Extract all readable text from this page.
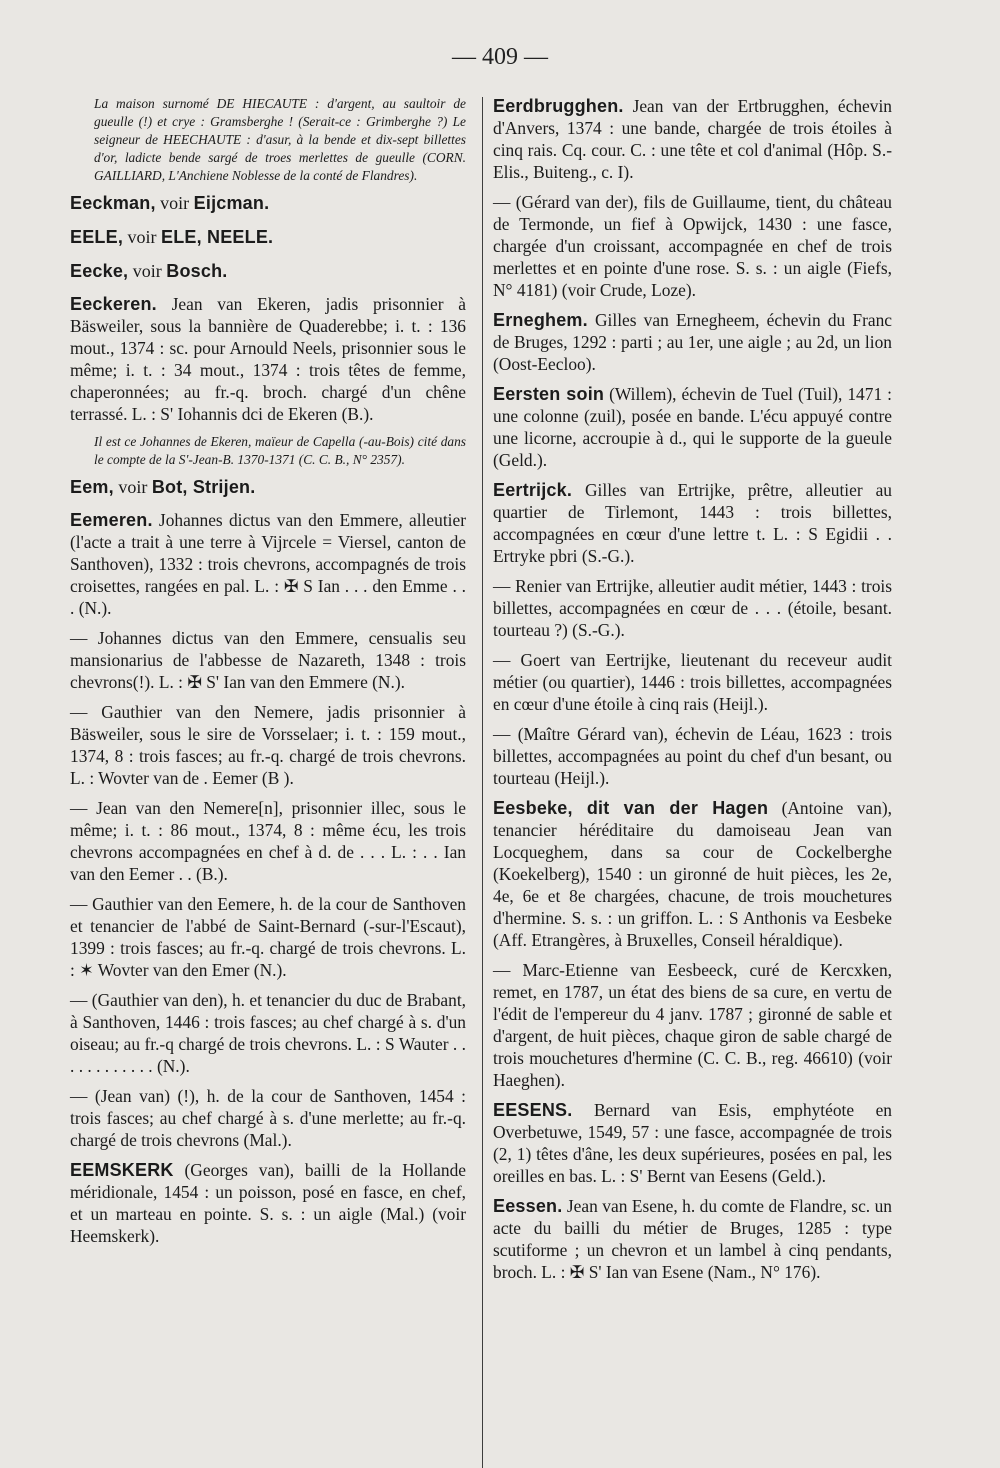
— 409 —

La maison surnomé DE HIECAUTE : d'argent, au saultoir de gueulle (!) et crye : Gramsberghe ! (Serait-ce : Grimberghe ?) Le seigneur de HEECHAUTE : d'asur, à la bende et dix-sept billettes d'or, ladicte bende sargé de troes merlettes de gueulle (CORN. GAILLIARD, L'Anchiene Noblesse de la conté de Flandres).

Eeckman, voir Eijcman.

EELE, voir ELE, NEELE.

Eecke, voir Bosch.

Eeckeren. Jean van Ekeren, jadis prisonnier à Bäsweiler, sous la bannière de Quaderebbe; i. t. : 136 mout., 1374 : sc. pour Arnould Neels, prisonnier sous le même; i. t. : 34 mout., 1374 : trois têtes de femme, chaperonnées; au fr.-q. broch. chargé d'un chêne terrassé. L. : S' Iohannis dci de Ekeren (B.).

Il est ce Johannes de Ekeren, maïeur de Capella (-au-Bois) cité dans le compte de la S'-Jean-B. 1370-1371 (C. C. B., N° 2357).

Eem, voir Bot, Strijen.

Eemeren. Johannes dictus van den Emmere, alleutier (l'acte a trait à une terre à Vijrcele = Viersel, canton de Santhoven), 1332 : trois chevrons, accompagnés de trois croisettes, rangées en pal. L. : ✠ S Ian . . . den Emme . . . (N.).

— Johannes dictus van den Emmere, censualis seu mansionarius de l'abbesse de Nazareth, 1348 : trois chevrons(!). L. : ✠ S' Ian van den Emmere (N.).

— Gauthier van den Nemere, jadis prisonnier à Bäsweiler, sous le sire de Vorsselaer; i. t. : 159 mout., 1374, 8 : trois fasces; au fr.-q. chargé de trois chevrons. L. : Wovter van de . Eemer (B ).

— Jean van den Nemere[n], prisonnier illec, sous le même; i. t. : 86 mout., 1374, 8 : même écu, les trois chevrons accompagnées en chef à d. de . . . L. : . . Ian van den Eemer . . (B.).

— Gauthier van den Eemere, h. de la cour de Santhoven et tenancier de l'abbé de Saint-Bernard (-sur-l'Escaut), 1399 : trois fasces; au fr.-q. chargé de trois chevrons. L. : ✶ Wovter van den Emer (N.).

— (Gauthier van den), h. et tenancier du duc de Brabant, à Santhoven, 1446 : trois fasces; au chef chargé à s. d'un oiseau; au fr.-q chargé de trois chevrons. L. : S Wauter . . . . . . . . . . . . (N.).

— (Jean van) (!), h. de la cour de Santhoven, 1454 : trois fasces; au chef chargé à s. d'une merlette; au fr.-q. chargé de trois chevrons (Mal.).

EEMSKERK (Georges van), bailli de la Hollande méridionale, 1454 : un poisson, posé en fasce, en chef, et un marteau en pointe. S. s. : un aigle (Mal.) (voir Heemskerk).

Eerdbrugghen. Jean van der Ertbrugghen, échevin d'Anvers, 1374 : une bande, chargée de trois étoiles à cinq rais. Cq. cour. C. : une tête et col d'animal (Hôp. S.-Elis., Buiteng., c. I).

— (Gérard van der), fils de Guillaume, tient, du château de Termonde, un fief à Opwijck, 1430 : une fasce, chargée d'un croissant, accompagnée en chef de trois merlettes et en pointe d'une rose. S. s. : un aigle (Fiefs, N° 4181) (voir Crude, Loze).

Erneghem. Gilles van Ernegheem, échevin du Franc de Bruges, 1292 : parti ; au 1er, une aigle ; au 2d, un lion (Oost-Eecloo).

Eersten soin (Willem), échevin de Tuel (Tuil), 1471 : une colonne (zuil), posée en bande. L'écu appuyé contre une licorne, accroupie à d., qui le supporte de la gueule (Geld.).

Eertrijck. Gilles van Ertrijke, prêtre, alleutier au quartier de Tirlemont, 1443 : trois billettes, accompagnées en cœur d'une lettre t. L. : S Egidii . . Ertryke pbri (S.-G.).

— Renier van Ertrijke, alleutier audit métier, 1443 : trois billettes, accompagnées en cœur de . . . (étoile, besant. tourteau ?) (S.-G.).

— Goert van Eertrijke, lieutenant du receveur audit métier (ou quartier), 1446 : trois billettes, accompagnées en cœur d'une étoile à cinq rais (Heijl.).

— (Maître Gérard van), échevin de Léau, 1623 : trois billettes, accompagnées au point du chef d'un besant, ou tourteau (Heijl.).

Eesbeke, dit van der Hagen (Antoine van), tenancier héréditaire du damoiseau Jean van Locqueghem, dans sa cour de Cockelberghe (Koekelberg), 1540 : un gironné de huit pièces, les 2e, 4e, 6e et 8e chargées, chacune, de trois mouchetures d'hermine. S. s. : un griffon. L. : S Anthonis va Eesbeke (Aff. Etrangères, à Bruxelles, Conseil héraldique).

— Marc-Etienne van Eesbeeck, curé de Kercxken, remet, en 1787, un état des biens de sa cure, en vertu de l'édit de l'empereur du 4 janv. 1787 ; gironné de sable et d'argent, de huit pièces, chaque giron de sable chargé de trois mouchetures d'hermine (C. C. B., reg. 46610) (voir Haeghen).

EESENS. Bernard van Esis, emphytéote en Overbetuwe, 1549, 57 : une fasce, accompagnée de trois (2, 1) têtes d'âne, les deux supérieures, posées en pal, les oreilles en bas. L. : S' Bernt van Eesens (Geld.).

Eessen. Jean van Esene, h. du comte de Flandre, sc. un acte du bailli du métier de Bruges, 1285 : type scutiforme ; un chevron et un lambel à cinq pendants, broch. L. : ✠ S' Ian van Esene (Nam., N° 176).
